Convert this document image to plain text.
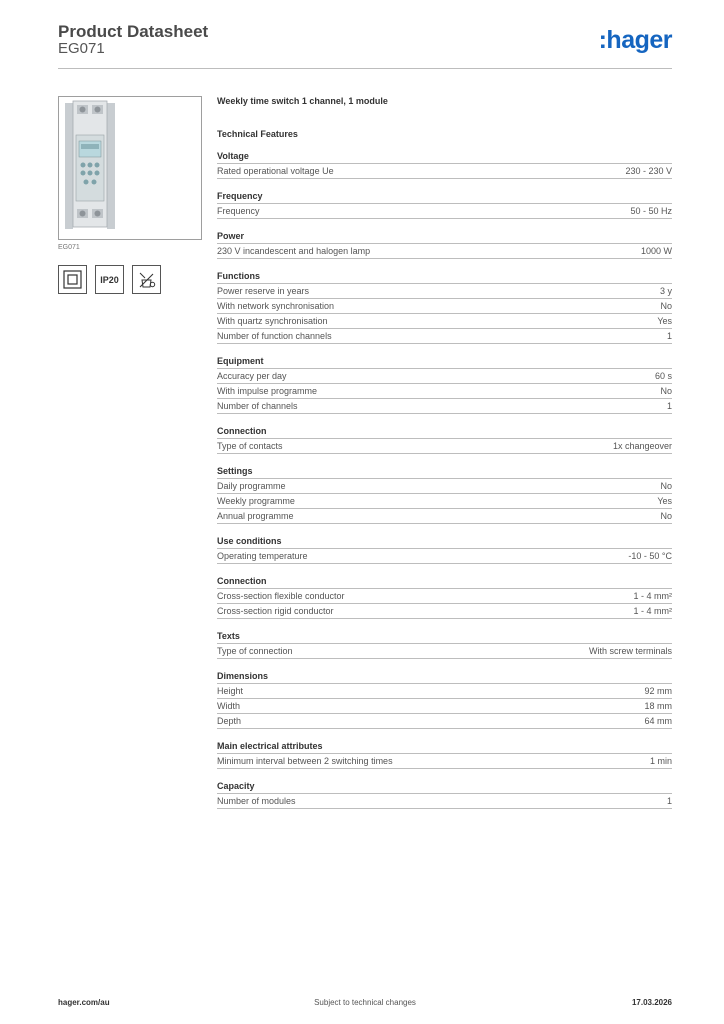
Product Datasheet
EG071	:hager
EG071
IP20
Weekly time switch 1 channel, 1 module
Technical Features
Voltage
Rated operational voltage Ue	230 - 230 V
Frequency
Frequency	50 - 50 Hz
Power
230 V incandescent and halogen lamp	1000 W
Functions
Power reserve in years	3 y
With network synchronisation	No
With quartz synchronisation	Yes
Number of function channels	1
Equipment
Accuracy per day	60 s
With impulse programme	No
Number of channels	1
Connection
Type of contacts	1x changeover
Settings
Daily programme	No
Weekly programme	Yes
Annual programme	No
Use conditions
Operating temperature	-10 - 50 °C
Connection
Cross-section flexible conductor	1 - 4 mm²
Cross-section rigid conductor	1 - 4 mm²
Texts
Type of connection	With screw terminals
Dimensions
Height	92 mm
Width	18 mm
Depth	64 mm
Main electrical attributes
Minimum interval between 2 switching times	1 min
Capacity
Number of modules	1
hager.com/au	Subject to technical changes	17.03.2026
